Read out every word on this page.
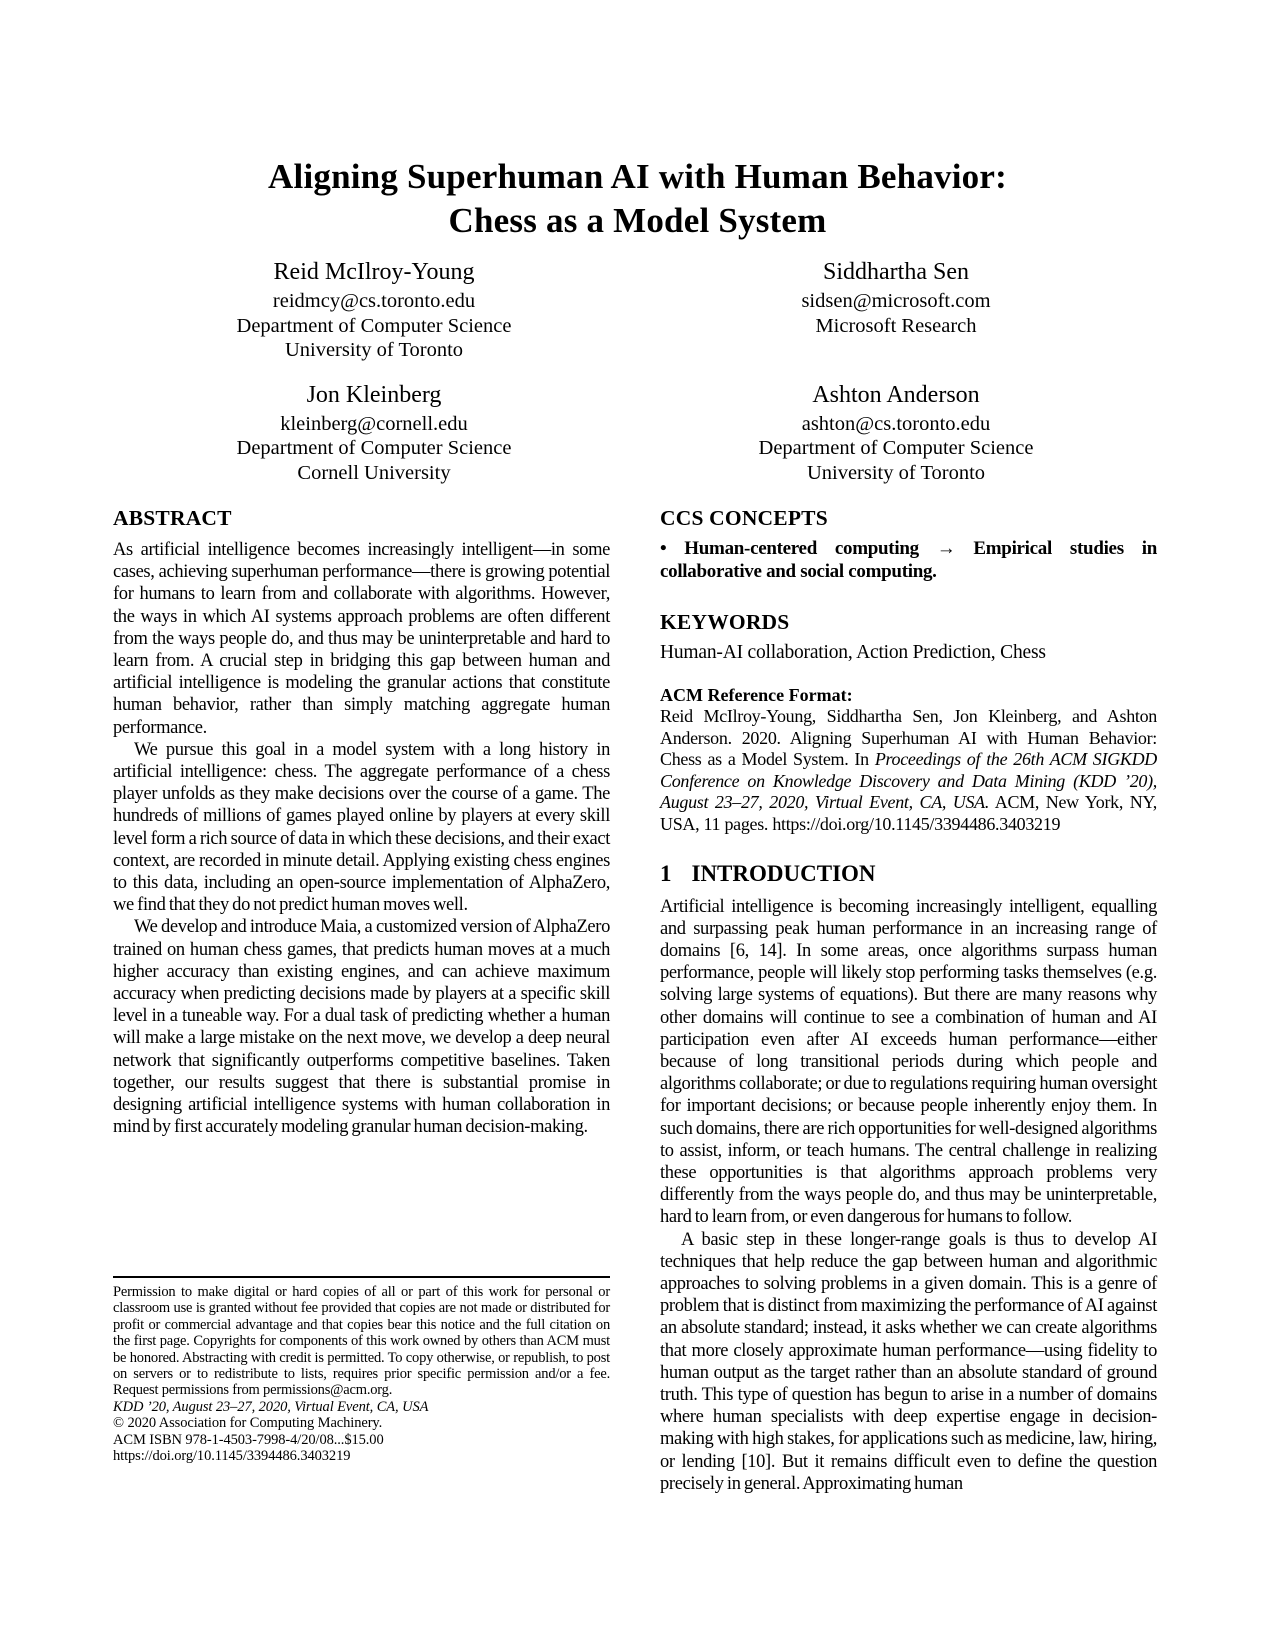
Aligning Superhuman AI with Human Behavior:
Chess as a Model System
Reid McIlroy-Young
reidmcy@cs.toronto.edu
Department of Computer Science
University of Toronto
Siddhartha Sen
sidsen@microsoft.com
Microsoft Research
Jon Kleinberg
kleinberg@cornell.edu
Department of Computer Science
Cornell University
Ashton Anderson
ashton@cs.toronto.edu
Department of Computer Science
University of Toronto
ABSTRACT

As artificial intelligence becomes increasingly intelligent—in some cases, achieving superhuman performance—there is growing potential for humans to learn from and collaborate with algorithms. However, the ways in which AI systems approach problems are often different from the ways people do, and thus may be uninterpretable and hard to learn from. A crucial step in bridging this gap between human and artificial intelligence is modeling the granular actions that constitute human behavior, rather than simply matching aggregate human performance.

We pursue this goal in a model system with a long history in artificial intelligence: chess. The aggregate performance of a chess player unfolds as they make decisions over the course of a game. The hundreds of millions of games played online by players at every skill level form a rich source of data in which these decisions, and their exact context, are recorded in minute detail. Applying existing chess engines to this data, including an open-source implementation of AlphaZero, we find that they do not predict human moves well.

We develop and introduce Maia, a customized version of AlphaZero trained on human chess games, that predicts human moves at a much higher accuracy than existing engines, and can achieve maximum accuracy when predicting decisions made by players at a specific skill level in a tuneable way. For a dual task of predicting whether a human will make a large mistake on the next move, we develop a deep neural network that significantly outperforms competitive baselines. Taken together, our results suggest that there is substantial promise in designing artificial intelligence systems with human collaboration in mind by first accurately modeling granular human decision-making.

CCS CONCEPTS

• Human-centered computing → Empirical studies in collaborative and social computing.

KEYWORDS

Human-AI collaboration, Action Prediction, Chess

ACM Reference Format:

Reid McIlroy-Young, Siddhartha Sen, Jon Kleinberg, and Ashton Anderson. 2020. Aligning Superhuman AI with Human Behavior: Chess as a Model System. In Proceedings of the 26th ACM SIGKDD Conference on Knowledge Discovery and Data Mining (KDD ’20), August 23–27, 2020, Virtual Event, CA, USA. ACM, New York, NY, USA, 11 pages. https://doi.org/10.1145/3394486.3403219

1 INTRODUCTION

Artificial intelligence is becoming increasingly intelligent, equalling and surpassing peak human performance in an increasing range of domains [6, 14]. In some areas, once algorithms surpass human performance, people will likely stop performing tasks themselves (e.g. solving large systems of equations). But there are many reasons why other domains will continue to see a combination of human and AI participation even after AI exceeds human performance—either because of long transitional periods during which people and algorithms collaborate; or due to regulations requiring human oversight for important decisions; or because people inherently enjoy them. In such domains, there are rich opportunities for well-designed algorithms to assist, inform, or teach humans. The central challenge in realizing these opportunities is that algorithms approach problems very differently from the ways people do, and thus may be uninterpretable, hard to learn from, or even dangerous for humans to follow.

A basic step in these longer-range goals is thus to develop AI techniques that help reduce the gap between human and algorithmic approaches to solving problems in a given domain. This is a genre of problem that is distinct from maximizing the performance of AI against an absolute standard; instead, it asks whether we can create algorithms that more closely approximate human performance—using fidelity to human output as the target rather than an absolute standard of ground truth. This type of question has begun to arise in a number of domains where human specialists with deep expertise engage in decision-making with high stakes, for applications such as medicine, law, hiring, or lending [10]. But it remains difficult even to define the question precisely in general. Approximating human

Permission to make digital or hard copies of all or part of this work for personal or classroom use is granted without fee provided that copies are not made or distributed for profit or commercial advantage and that copies bear this notice and the full citation on the first page. Copyrights for components of this work owned by others than ACM must be honored. Abstracting with credit is permitted. To copy otherwise, or republish, to post on servers or to redistribute to lists, requires prior specific permission and/or a fee. Request permissions from permissions@acm.org.

KDD ’20, August 23–27, 2020, Virtual Event, CA, USA
© 2020 Association for Computing Machinery.
ACM ISBN 978-1-4503-7998-4/20/08...$15.00
https://doi.org/10.1145/3394486.3403219
